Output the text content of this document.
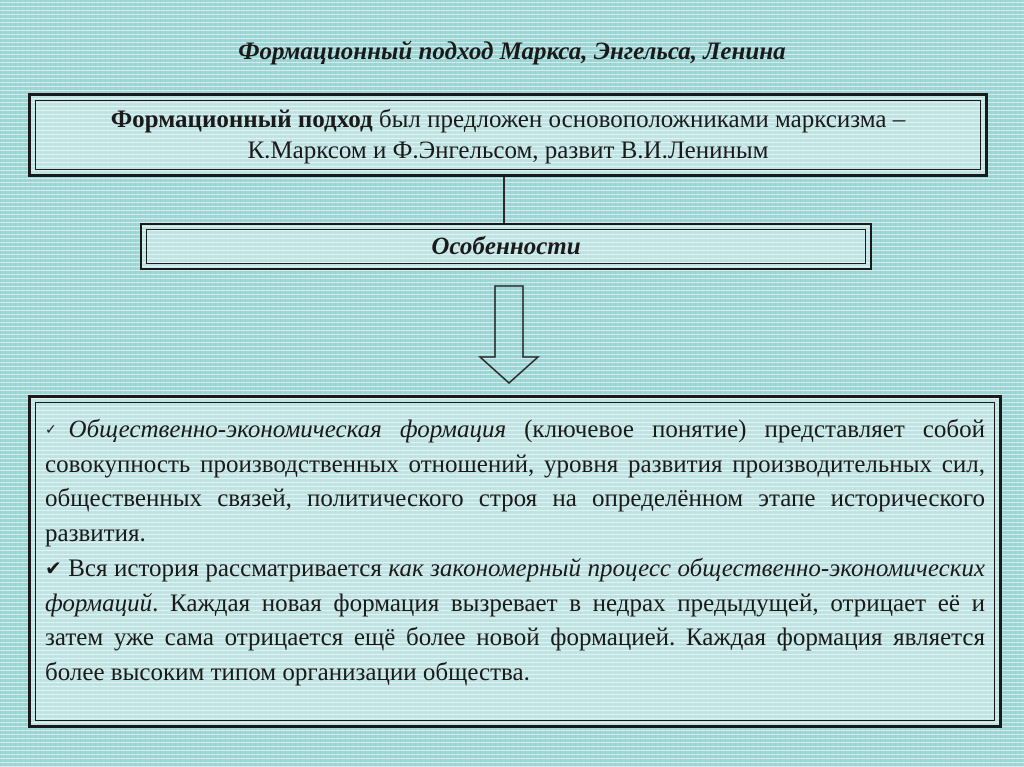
Формационный подход Маркса, Энгельса, Ленина
Формационный подход был предложен основоположниками марксизма –
К.Марксом и Ф.Энгельсом, развит В.И.Лениным
Особенности

✓Общественно-экономическая формация (ключевое понятие) представляет собой совокупность производственных отношений, уровня развития производительных сил, общественных связей, политического строя на определённом этапе исторического развития.

✔ Вся история рассматривается как закономерный процесс общественно-экономических формаций. Каждая новая формация вызревает в недрах предыдущей, отрицает её и затем уже сама отрицается ещё более новой формацией. Каждая формация является более высоким типом организации общества.
